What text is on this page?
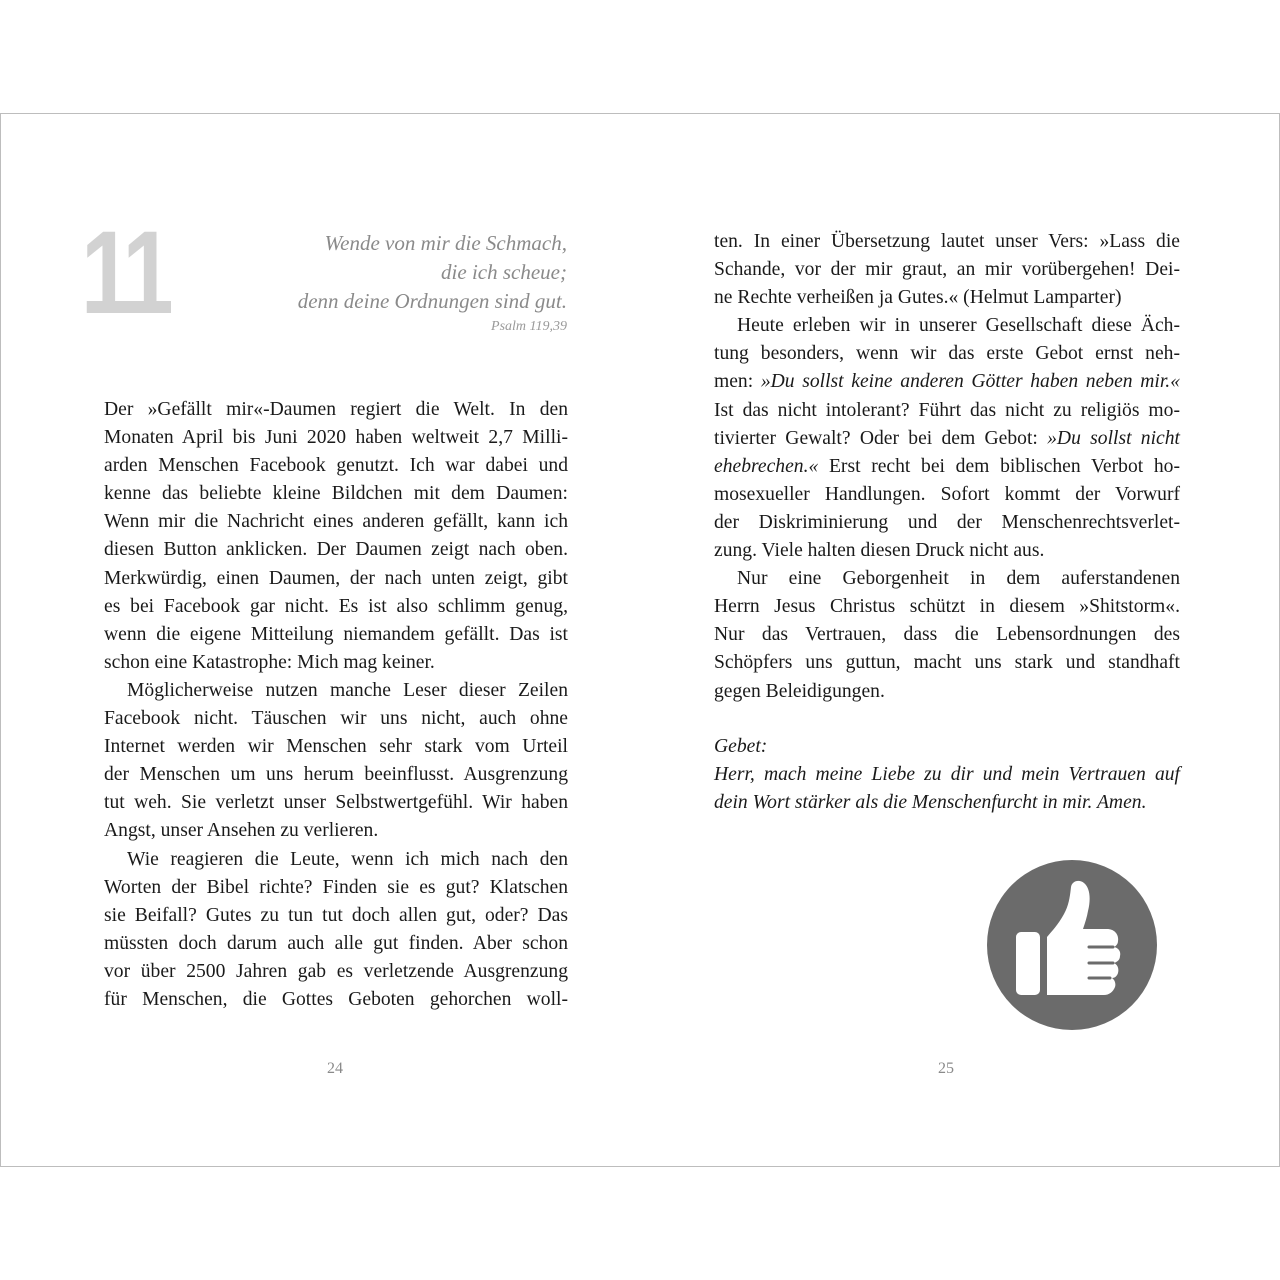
11	Wende von mir die Schmach,
die ich scheue;
denn deine Ordnungen sind gut.
Psalm 119,39
Der »Gefällt mir«-Daumen regiert die Welt. In den
Monaten April bis Juni 2020 haben weltweit 2,7 Milli-
arden Menschen Facebook genutzt. Ich war dabei und
kenne das beliebte kleine Bildchen mit dem Daumen:
Wenn mir die Nachricht eines anderen gefällt, kann ich
diesen Button anklicken. Der Daumen zeigt nach oben.
Merkwürdig, einen Daumen, der nach unten zeigt, gibt
es bei Facebook gar nicht. Es ist also schlimm genug,
wenn die eigene Mitteilung niemandem gefällt. Das ist
schon eine Katastrophe: Mich mag keiner.
Möglicherweise nutzen manche Leser dieser Zeilen
Facebook nicht. Täuschen wir uns nicht, auch ohne
Internet werden wir Menschen sehr stark vom Urteil
der Menschen um uns herum beeinflusst. Ausgrenzung
tut weh. Sie verletzt unser Selbstwertgefühl. Wir haben
Angst, unser Ansehen zu verlieren.
Wie reagieren die Leute, wenn ich mich nach den
Worten der Bibel richte? Finden sie es gut? Klatschen
sie Beifall? Gutes zu tun tut doch allen gut, oder? Das
müssten doch darum auch alle gut finden. Aber schon
vor über 2500 Jahren gab es verletzende Ausgrenzung
für Menschen, die Gottes Geboten gehorchen woll-
24
ten. In einer Übersetzung lautet unser Vers: »Lass die
Schande, vor der mir graut, an mir vorübergehen! Dei-
ne Rechte verheißen ja Gutes.« (Helmut Lamparter)
Heute erleben wir in unserer Gesellschaft diese Äch-
tung besonders, wenn wir das erste Gebot ernst neh-
men: »Du sollst keine anderen Götter haben neben mir.«
Ist das nicht intolerant? Führt das nicht zu religiös mo-
tivierter Gewalt? Oder bei dem Gebot: »Du sollst nicht
ehebrechen.« Erst recht bei dem biblischen Verbot ho-
mosexueller Handlungen. Sofort kommt der Vorwurf
der Diskriminierung und der Menschenrechtsverlet-
zung. Viele halten diesen Druck nicht aus.
Nur eine Geborgenheit in dem auferstandenen
Herrn Jesus Christus schützt in diesem »Shitstorm«.
Nur das Vertrauen, dass die Lebensordnungen des
Schöpfers uns guttun, macht uns stark und standhaft
gegen Beleidigungen.
Gebet:
Herr, mach meine Liebe zu dir und mein Vertrauen auf
dein Wort stärker als die Menschenfurcht in mir. Amen.
25
